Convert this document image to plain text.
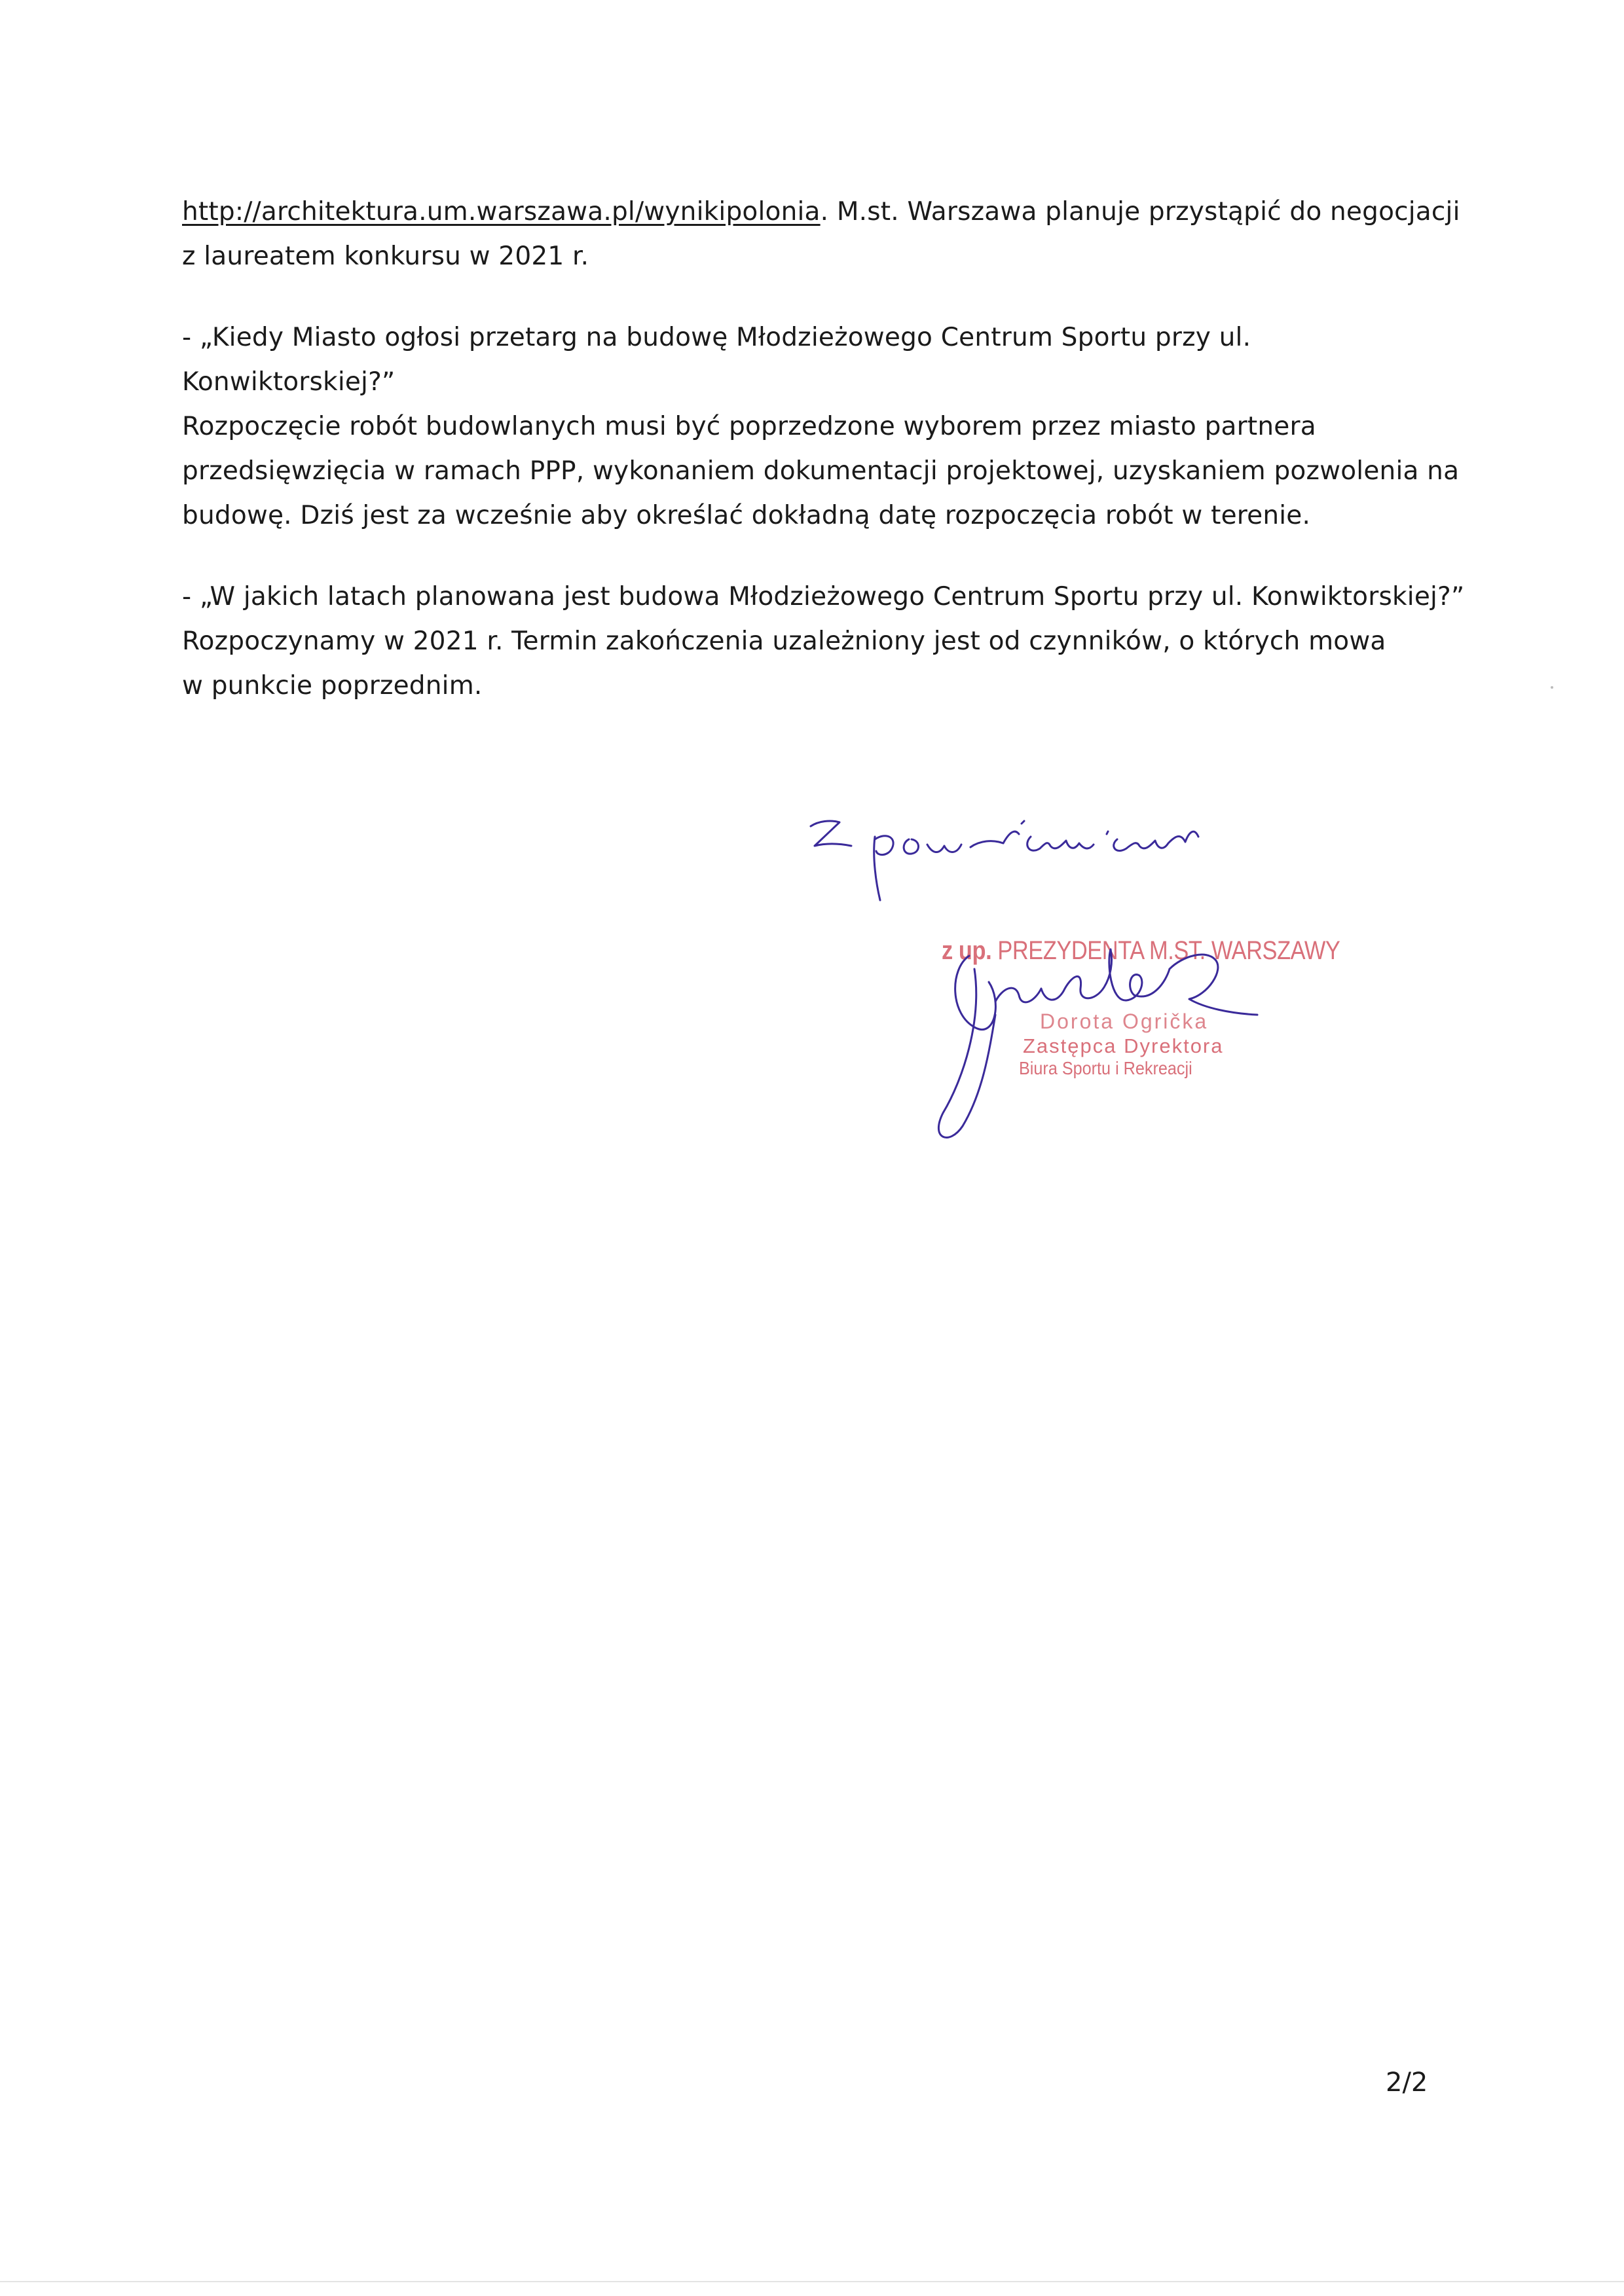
http://architektura.um.warszawa.pl/wynikipolonia. M.st. Warszawa planuje przystąpić do negocjacji

z laureatem konkursu w 2021 r.

- „Kiedy Miasto ogłosi przetarg na budowę Młodzieżowego Centrum Sportu przy ul. Konwiktorskiej?”

Rozpoczęcie robót budowlanych musi być poprzedzone wyborem przez miasto partnera

przedsięwzięcia w ramach PPP, wykonaniem dokumentacji projektowej, uzyskaniem pozwolenia na

budowę. Dziś jest za wcześnie aby określać dokładną datę rozpoczęcia robót w terenie.

- „W jakich latach planowana jest budowa Młodzieżowego Centrum Sportu przy ul. Konwiktorskiej?”

Rozpoczynamy w 2021 r. Termin zakończenia uzależniony jest od czynników, o których mowa

w punkcie poprzednim.

z up. PREZYDENTA M.ST. WARSZAWY
Dorota Ogrička
Zastępca Dyrektora
Biura Sportu i Rekreacji
2/2
